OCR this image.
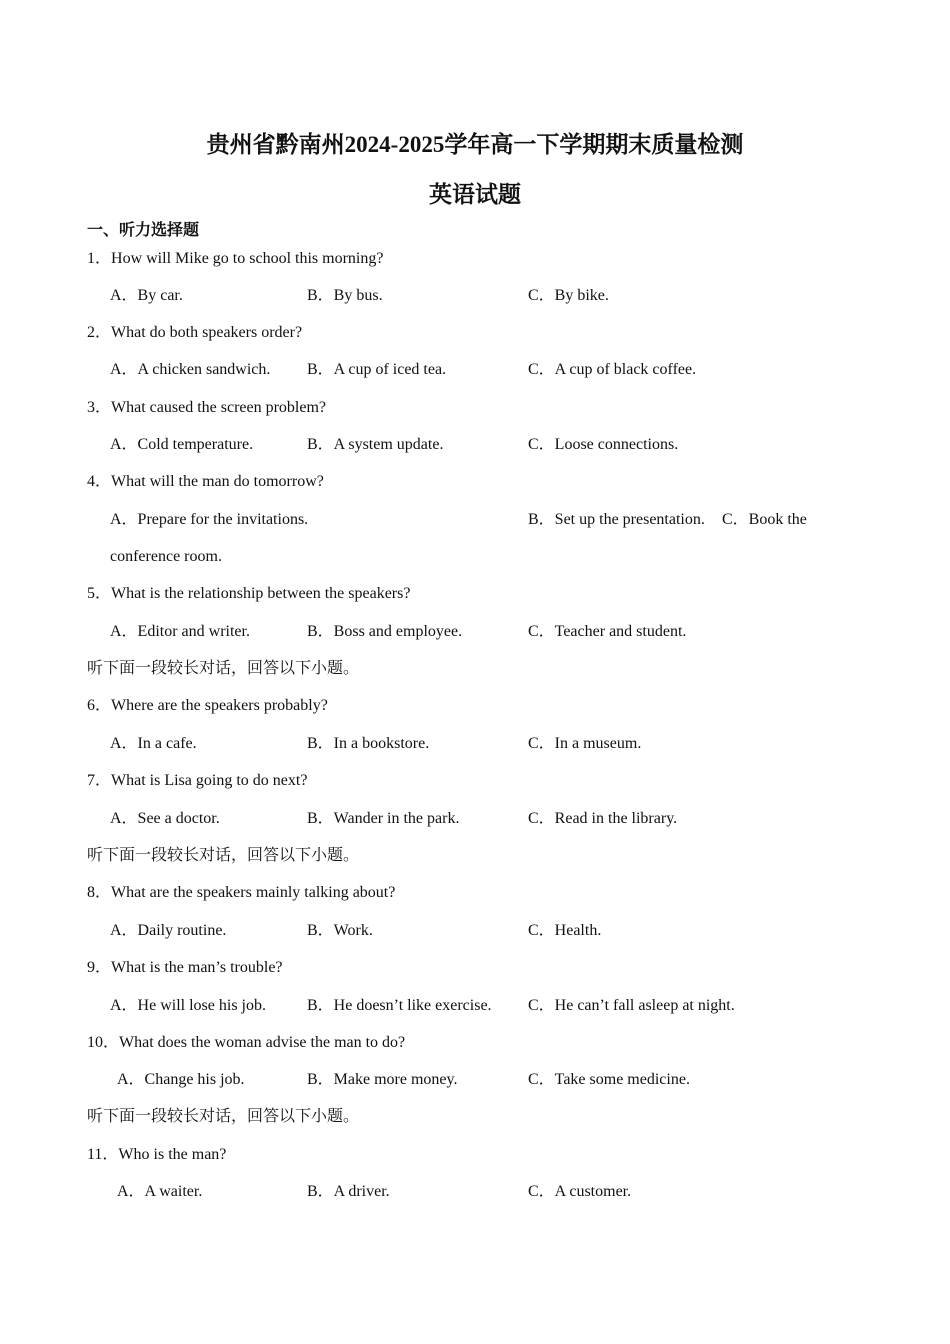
贵州省黔南州2024-2025学年高一下学期期末质量检测
英语试题
一、听力选择题
1．How will Mike go to school this morning?
A．By car.	B．By bus.	C．By bike.
2．What do both speakers order?
A．A chicken sandwich. B．A cup of iced tea.	C．A cup of black coffee.
3．What caused the screen problem?
A．Cold temperature.	B．A system update.	C．Loose connections.
4．What will the man do tomorrow?
A．Prepare for the invitations.	B．Set up the presentation. C．Book the
conference room.
5．What is the relationship between the speakers?
A．Editor and writer.	B．Boss and employee.	C．Teacher and student.
听下面一段较长对话，回答以下小题。
6．Where are the speakers probably?
A．In a cafe.	B．In a bookstore.	C．In a museum.
7．What is Lisa going to do next?
A．See a doctor.	B．Wander in the park.	C．Read in the library.
听下面一段较长对话，回答以下小题。
8．What are the speakers mainly talking about?
A．Daily routine.	B．Work.	C．Health.
9．What is the man’s trouble?
A．He will lose his job.	B．He doesn’t like exercise. C．He can’t fall asleep at night.
10．What does the woman advise the man to do?
A．Change his job.	B．Make more money.	C．Take some medicine.
听下面一段较长对话，回答以下小题。
11．Who is the man?
A．A waiter.	B．A driver.	C．A customer.
